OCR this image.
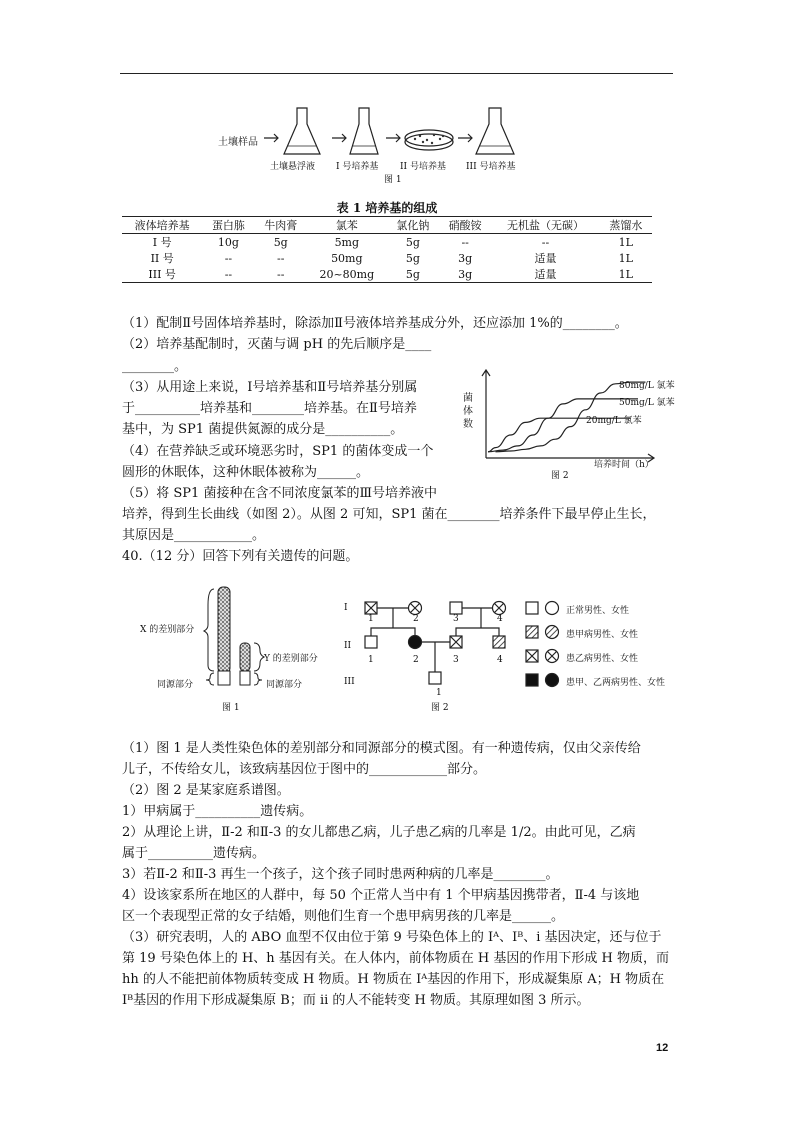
土壤样品
土壤悬浮液 I 号培养基 II 号培养基 III 号培养基
图 1
表 1 培养基的组成
液体培养基	蛋白胨	牛肉膏	氯苯	氯化钠	硝酸铵	无机盐（无碳）	蒸馏水
I 号	10g	5g	5mg	5g	--	--	1L
II 号	--	--	50mg	5g	3g	适量	1L
III 号	--	--	20~80mg	5g	3g	适量	1L
（1）配制Ⅱ号固体培养基时，除添加Ⅱ号液体培养基成分外，还应添加 1%的________。
（2）培养基配制时，灭菌与调 pH 的先后顺序是____
________。
（3）从用途上来说，Ⅰ号培养基和Ⅱ号培养基分别属
于__________培养基和________培养基。在Ⅱ号培养
基中，为 SP1 菌提供氮源的成分是__________。
（4）在营养缺乏或环境恶劣时，SP1 的菌体变成一个
圆形的休眠体，这种休眠体被称为______。
（5）将 SP1 菌接种在含不同浓度氯苯的Ⅲ号培养液中
培养，得到生长曲线（如图 2）。从图 2 可知，SP1 菌在________培养条件下最早停止生长，
其原因是____________。
40.（12 分）回答下列有关遗传的问题。
菌体数
80mg/L 氯苯
50mg/L 氯苯
20mg/L 氯苯
培养时间（h）
图 2
X 的差别部分
Y 的差别部分
同源部分	同源部分
图 1
I
II
III
图 2
1	2	3	4
1	2	3	4
1
正常男性、女性
患甲病男性、女性
患乙病男性、女性
患甲、乙两病男性、女性
（1）图 1 是人类性染色体的差别部分和同源部分的模式图。有一种遗传病，仅由父亲传给
儿子，不传给女儿，该致病基因位于图中的____________部分。
（2）图 2 是某家庭系谱图。
1）甲病属于__________遗传病。
2）从理论上讲，Ⅱ-2 和Ⅱ-3 的女儿都患乙病，儿子患乙病的几率是 1/2。由此可见，乙病
属于__________遗传病。
3）若Ⅱ-2 和Ⅱ-3 再生一个孩子，这个孩子同时患两种病的几率是________。
4）设该家系所在地区的人群中，每 50 个正常人当中有 1 个甲病基因携带者，Ⅱ-4 与该地
区一个表现型正常的女子结婚，则他们生育一个患甲病男孩的几率是______。
（3）研究表明，人的 ABO 血型不仅由位于第 9 号染色体上的 Iᴬ、Iᴮ、i 基因决定，还与位于
第 19 号染色体上的 H、h 基因有关。在人体内，前体物质在 H 基因的作用下形成 H 物质，而
hh 的人不能把前体物质转变成 H 物质。H 物质在 Iᴬ基因的作用下，形成凝集原 A；H 物质在
Iᴮ基因的作用下形成凝集原 B；而 ii 的人不能转变 H 物质。其原理如图 3 所示。
12
